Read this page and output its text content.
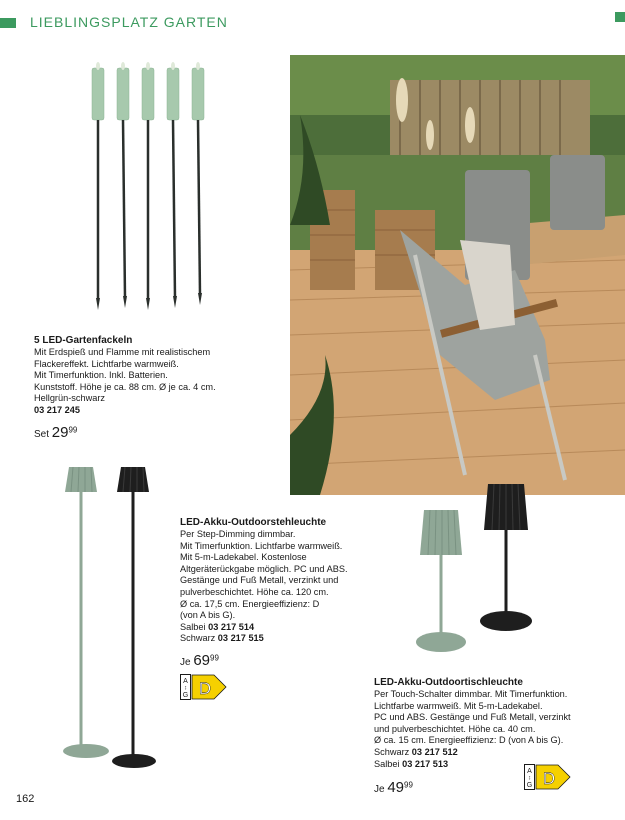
LIEBLINGSPLATZ GARTEN
5 LED-Gartenfackeln
Mit Erdspieß und Flamme mit realistischem
Flackereffekt. Lichtfarbe warmweiß.
Mit Timerfunktion. Inkl. Batterien.
Kunststoff. Höhe je ca. 88 cm. Ø je ca. 4 cm.
Hellgrün-schwarz
03 217 245
Set $29^{99}$
LED-Akku-Outdoorstehleuchte
Per Step-Dimming dimmbar.
Mit Timerfunktion. Lichtfarbe warmweiß.
Mit 5-m-Ladekabel. Kostenlose
Altgeräterückgabe möglich. PC und ABS.
Gestänge und Fuß Metall, verzinkt und
pulverbeschichtet. Höhe ca. 120 cm.
Ø ca. 17,5 cm. Energieeffizienz: D
(von A bis G).
Salbei 03 217 514
Schwarz 03 217 515
Je $69^{99}$
A
↕
G D	LED-Akku-Outdoortischleuchte
Per Touch-Schalter dimmbar. Mit Timerfunktion.
Lichtfarbe warmweiß. Mit 5-m-Ladekabel.
PC und ABS. Gestänge und Fuß Metall, verzinkt
und pulverbeschichtet. Höhe ca. 40 cm.
Ø ca. 15 cm. Energieeffizienz: D (von A bis G).
Schwarz 03 217 512
Salbei 03 217 513
Je $49^{99}$
A
↕
G D
162
